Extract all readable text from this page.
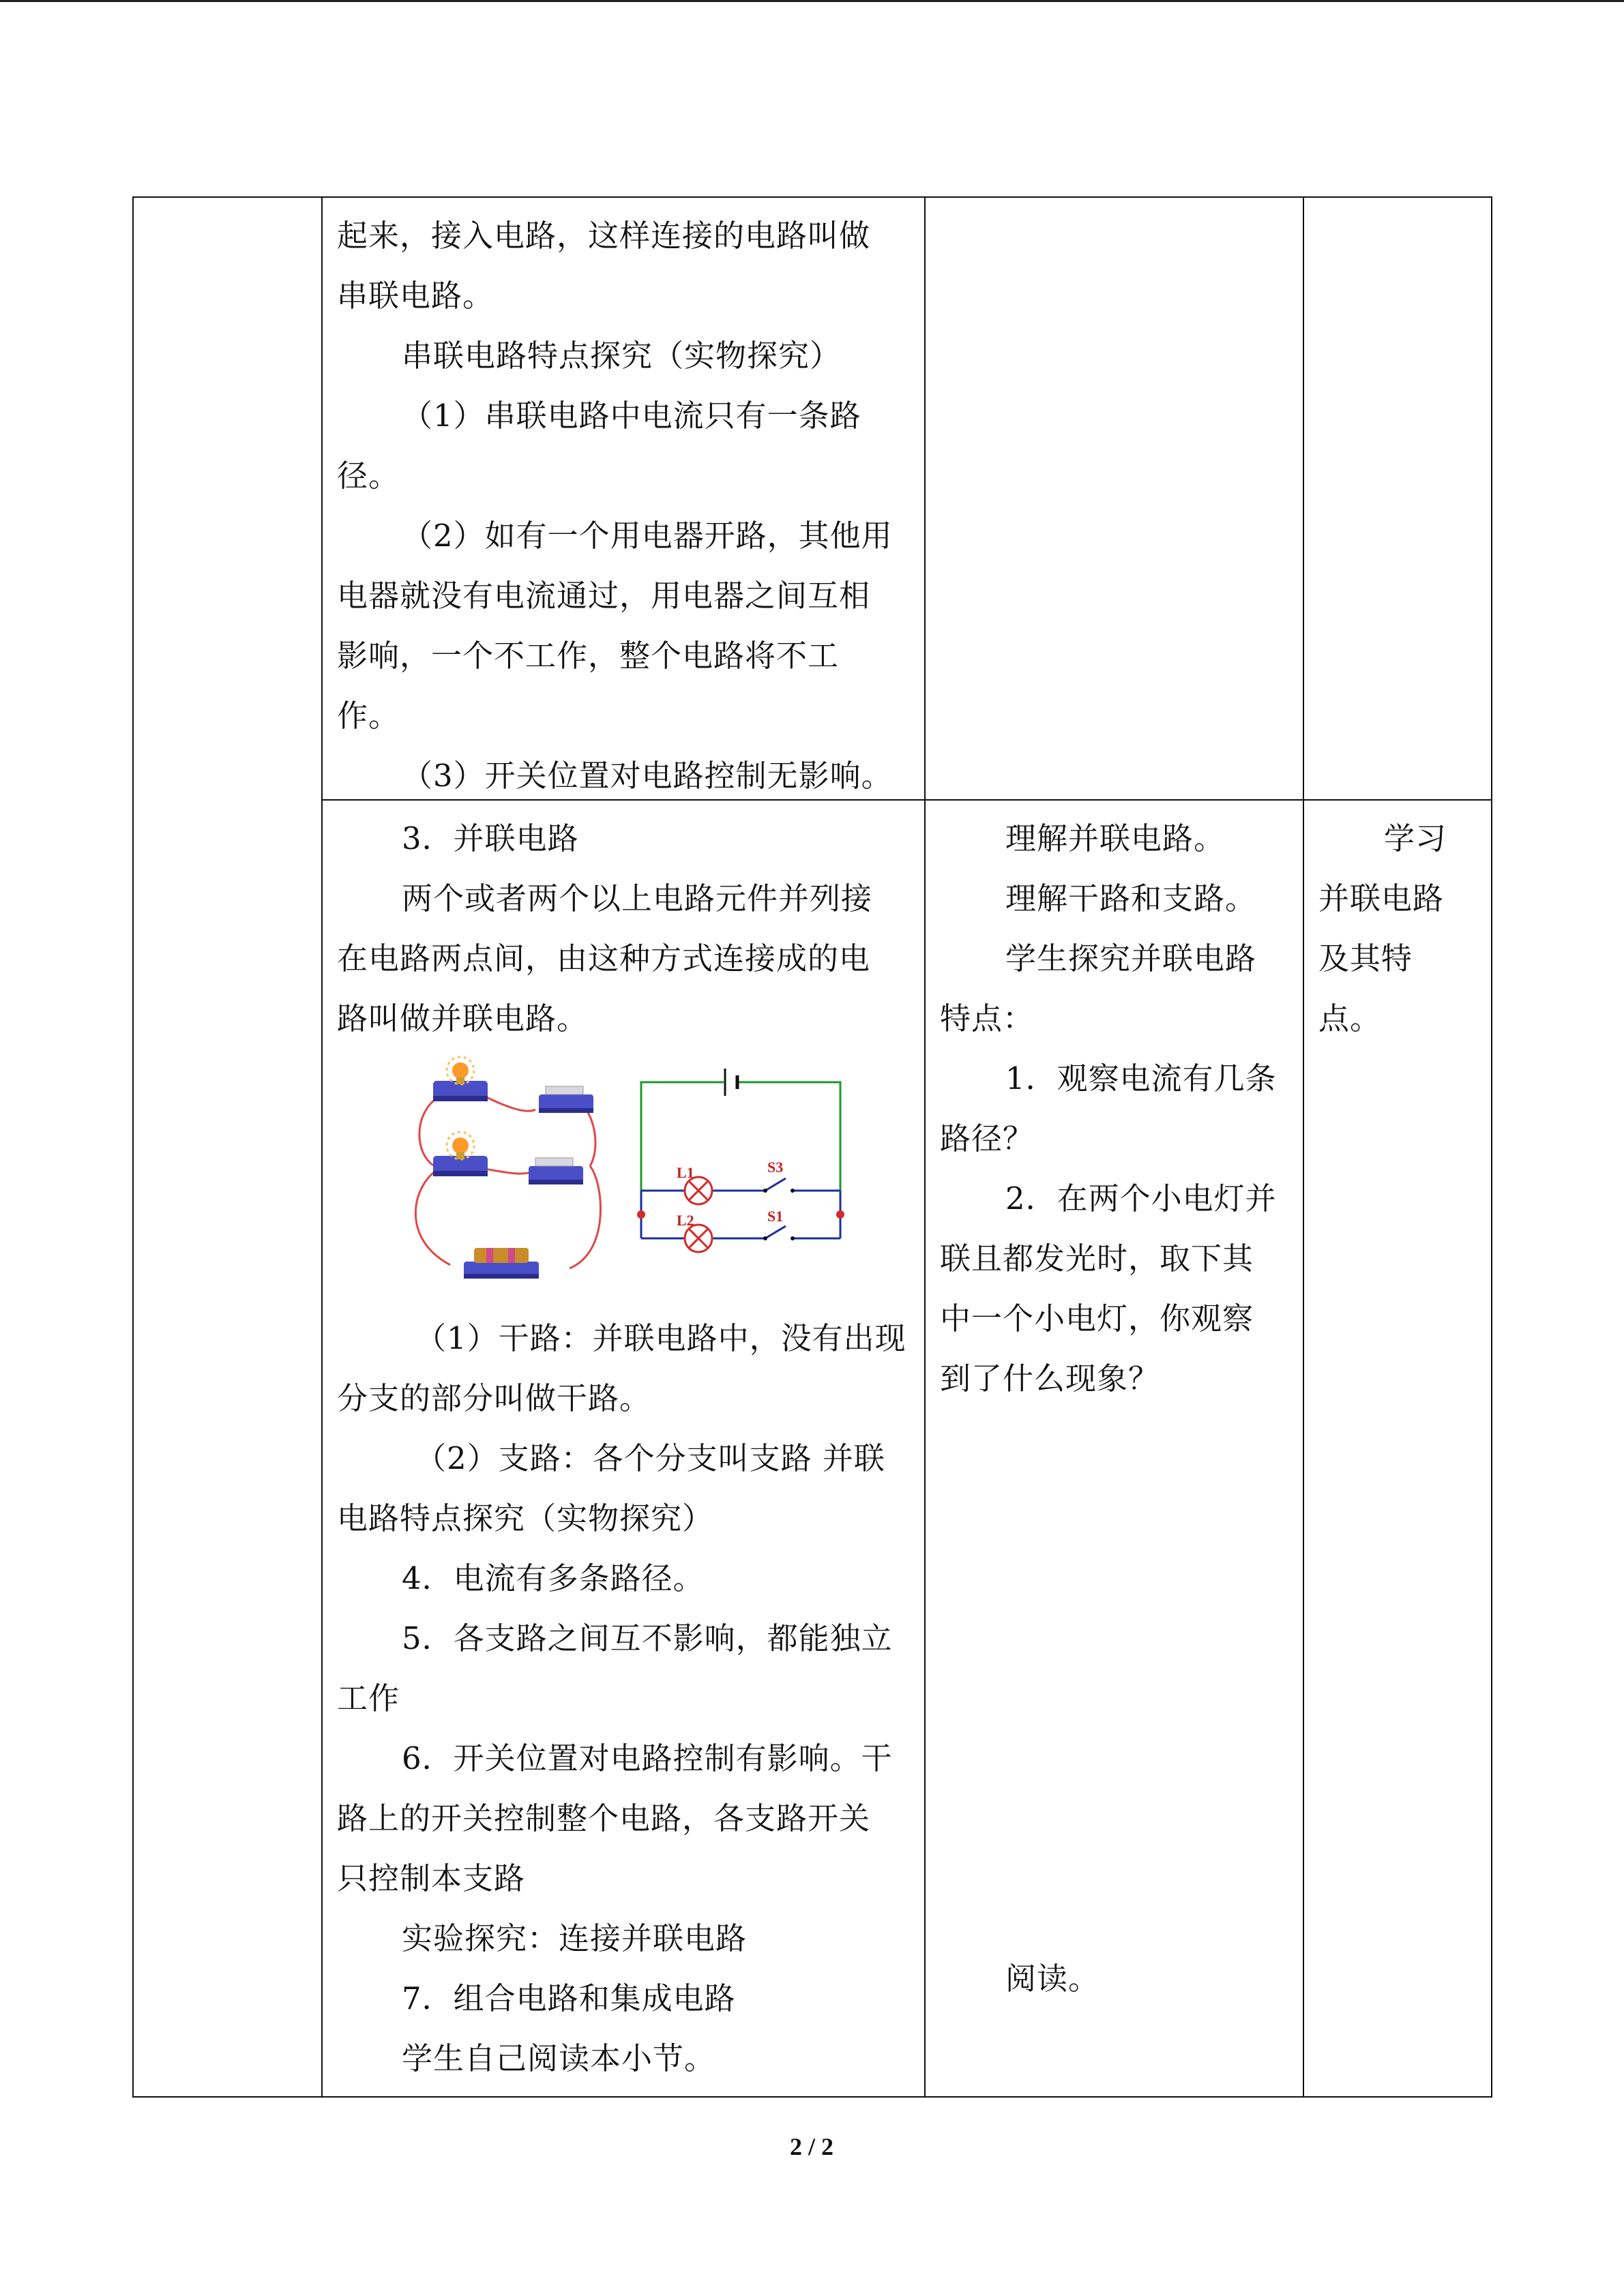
起来，接入电路，这样连接的电路叫做
串联电路。
串联电路特点探究（实物探究）
（1）串联电路中电流只有一条路
径。
（2）如有一个用电器开路，其他用
电器就没有电流通过，用电器之间互相
影响，一个不工作，整个电路将不工
作。
（3）开关位置对电路控制无影响。
3．并联电路
两个或者两个以上电路元件并列接
在电路两点间，由这种方式连接成的电
路叫做并联电路。
（1）干路：并联电路中，没有出现
分支的部分叫做干路。
（2）支路：各个分支叫支路 并联
电路特点探究（实物探究）
4．电流有多条路径。
5．各支路之间互不影响，都能独立
工作
6．开关位置对电路控制有影响。干
路上的开关控制整个电路，各支路开关
只控制本支路
实验探究：连接并联电路
7．组合电路和集成电路
学生自己阅读本小节。
L1
L2
S3
S1
理解并联电路。
理解干路和支路。
学生探究并联电路
特点：
1．观察电流有几条
路径？
2．在两个小电灯并
联且都发光时，取下其
中一个小电灯，你观察
到了什么现象？
阅读。
学习
并联电路
及其特
点。
2 / 2
